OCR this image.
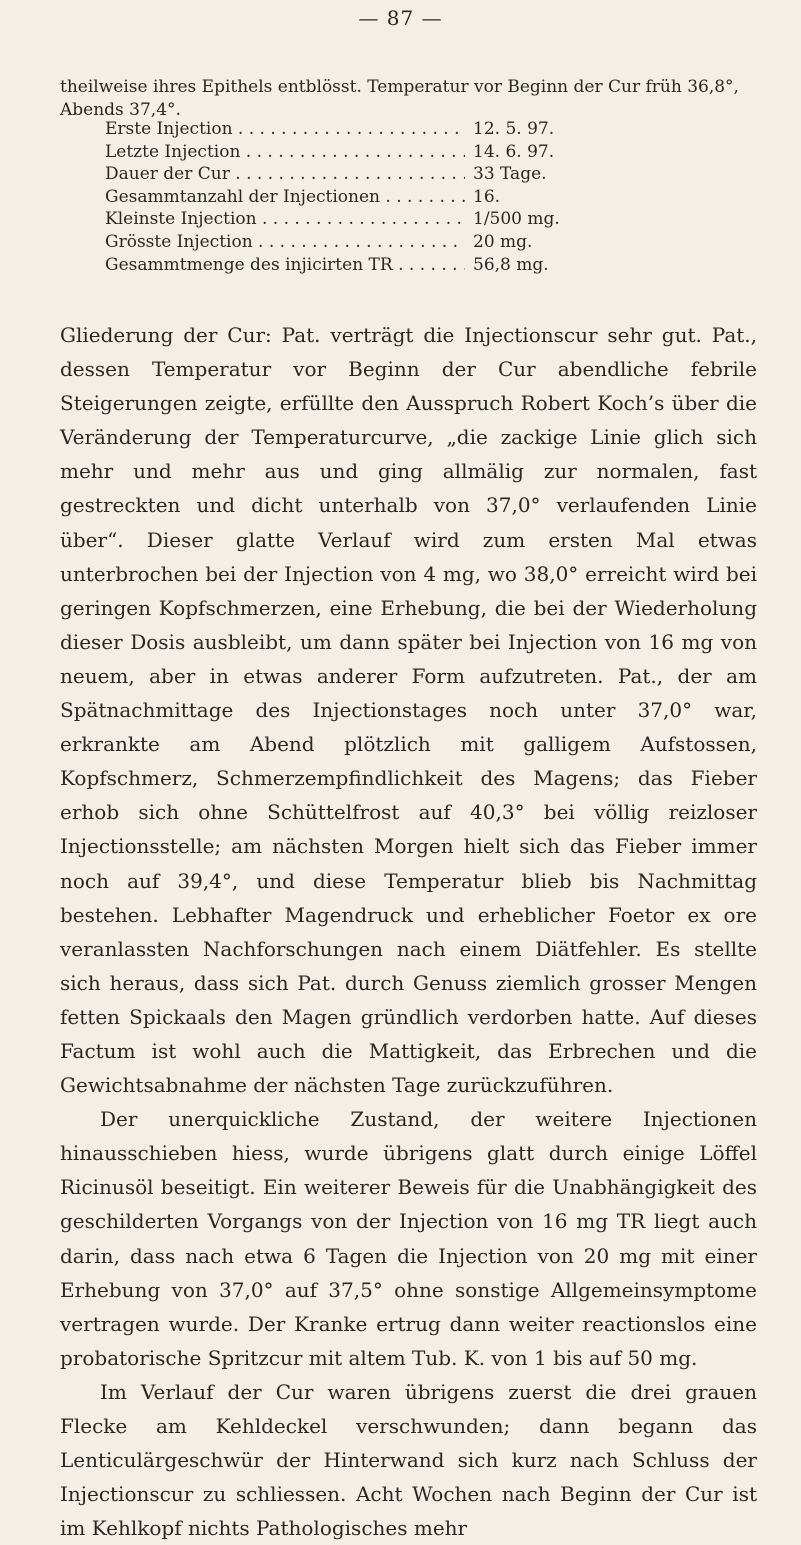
— 87 —
theilweise ihres Epithels entblösst. Temperatur vor Beginn der Cur früh 36,8°, Abends 37,4°.
Erste Injection . . .	12. 5. 97.
Letzte Injection . . .	14. 6. 97.
Dauer der Cur . . .	33 Tage.
Gesammtanzahl der Injectionen . . .	16.
Kleinste Injection . . .	1/500 mg.
Grösste Injection . . .	20 mg.
Gesammtmenge des injicirten TR . . .	56,8 mg.

Gliederung der Cur: Pat. verträgt die Injectionscur sehr gut. Pat., dessen Temperatur vor Beginn der Cur abendliche febrile Steigerungen zeigte, erfüllte den Ausspruch Robert Koch’s über die Veränderung der Temperaturcurve, „die zackige Linie glich sich mehr und mehr aus und ging allmälig zur normalen, fast gestreckten und dicht unterhalb von 37,0° verlaufenden Linie über“. Dieser glatte Verlauf wird zum ersten Mal etwas unterbrochen bei der Injection von 4 mg, wo 38,0° erreicht wird bei geringen Kopfschmerzen, eine Erhebung, die bei der Wiederholung dieser Dosis ausbleibt, um dann später bei Injection von 16 mg von neuem, aber in etwas anderer Form aufzutreten. Pat., der am Spätnachmittage des Injectionstages noch unter 37,0° war, erkrankte am Abend plötzlich mit galligem Aufstossen, Kopfschmerz, Schmerzempfindlichkeit des Magens; das Fieber erhob sich ohne Schüttelfrost auf 40,3° bei völlig reizloser Injectionsstelle; am nächsten Morgen hielt sich das Fieber immer noch auf 39,4°, und diese Temperatur blieb bis Nachmittag bestehen. Lebhafter Magendruck und erheblicher Foetor ex ore veranlassten Nachforschungen nach einem Diätfehler. Es stellte sich heraus, dass sich Pat. durch Genuss ziemlich grosser Mengen fetten Spickaals den Magen gründlich verdorben hatte. Auf dieses Factum ist wohl auch die Mattigkeit, das Erbrechen und die Gewichtsabnahme der nächsten Tage zurückzuführen.

Der unerquickliche Zustand, der weitere Injectionen hinausschieben hiess, wurde übrigens glatt durch einige Löffel Ricinusöl beseitigt. Ein weiterer Beweis für die Unabhängigkeit des geschilderten Vorgangs von der Injection von 16 mg TR liegt auch darin, dass nach etwa 6 Tagen die Injection von 20 mg mit einer Erhebung von 37,0° auf 37,5° ohne sonstige Allgemeinsymptome vertragen wurde. Der Kranke ertrug dann weiter reactionslos eine probatorische Spritzcur mit altem Tub. K. von 1 bis auf 50 mg.

Im Verlauf der Cur waren übrigens zuerst die drei grauen Flecke am Kehldeckel verschwunden; dann begann das Lenticulärgeschwür der Hinterwand sich kurz nach Schluss der Injectionscur zu schliessen. Acht Wochen nach Beginn der Cur ist im Kehlkopf nichts Pathologisches mehr
